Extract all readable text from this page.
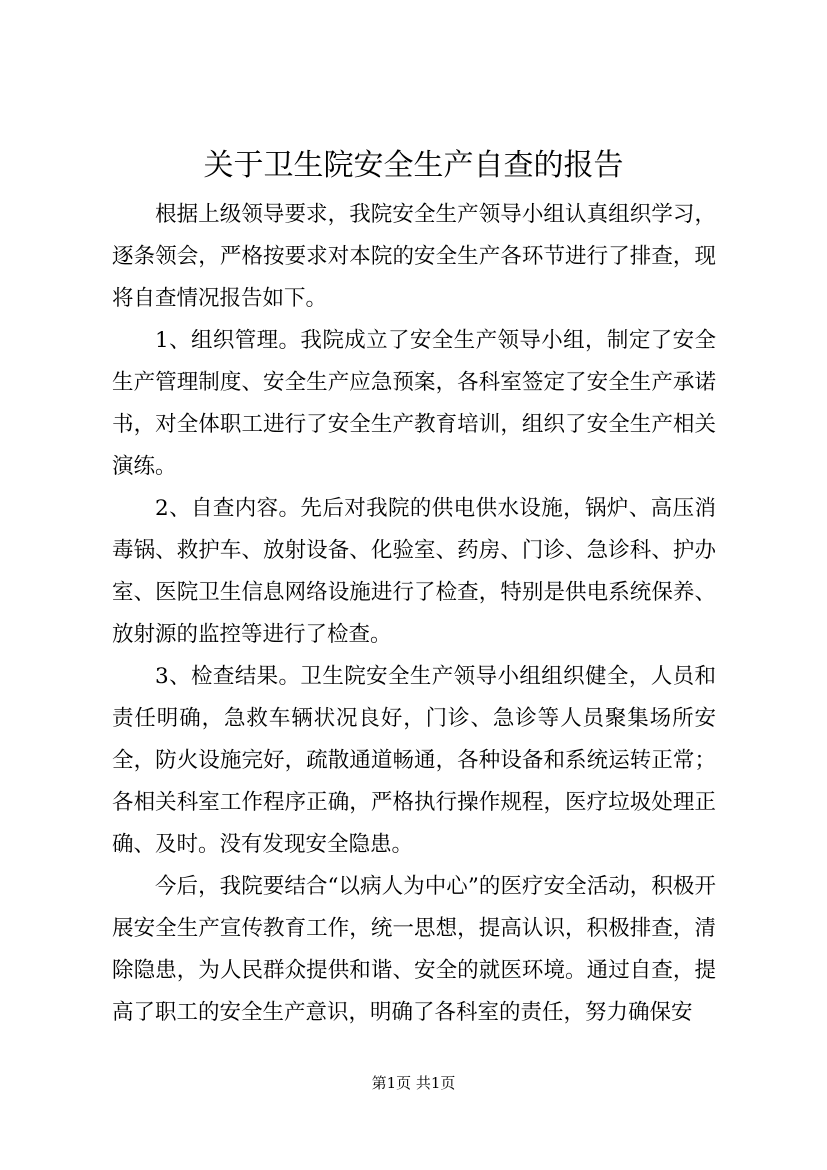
关于卫生院安全生产自查的报告

根据上级领导要求，我院安全生产领导小组认真组织学习，逐条领会，严格按要求对本院的安全生产各环节进行了排查，现将自查情况报告如下。

1、组织管理。我院成立了安全生产领导小组，制定了安全生产管理制度、安全生产应急预案，各科室签定了安全生产承诺书，对全体职工进行了安全生产教育培训，组织了安全生产相关演练。

2、自查内容。先后对我院的供电供水设施，锅炉、高压消毒锅、救护车、放射设备、化验室、药房、门诊、急诊科、护办室、医院卫生信息网络设施进行了检查，特别是供电系统保养、放射源的监控等进行了检查。

3、检查结果。卫生院安全生产领导小组组织健全，人员和责任明确，急救车辆状况良好，门诊、急诊等人员聚集场所安全，防火设施完好，疏散通道畅通，各种设备和系统运转正常；各相关科室工作程序正确，严格执行操作规程，医疗垃圾处理正确、及时。没有发现安全隐患。

今后，我院要结合“以病人为中心”的医疗安全活动，积极开展安全生产宣传教育工作，统一思想，提高认识，积极排查，清除隐患，为人民群众提供和谐、安全的就医环境。通过自查，提高了职工的安全生产意识，明确了各科室的责任，努力确保安

第1页 共1页
